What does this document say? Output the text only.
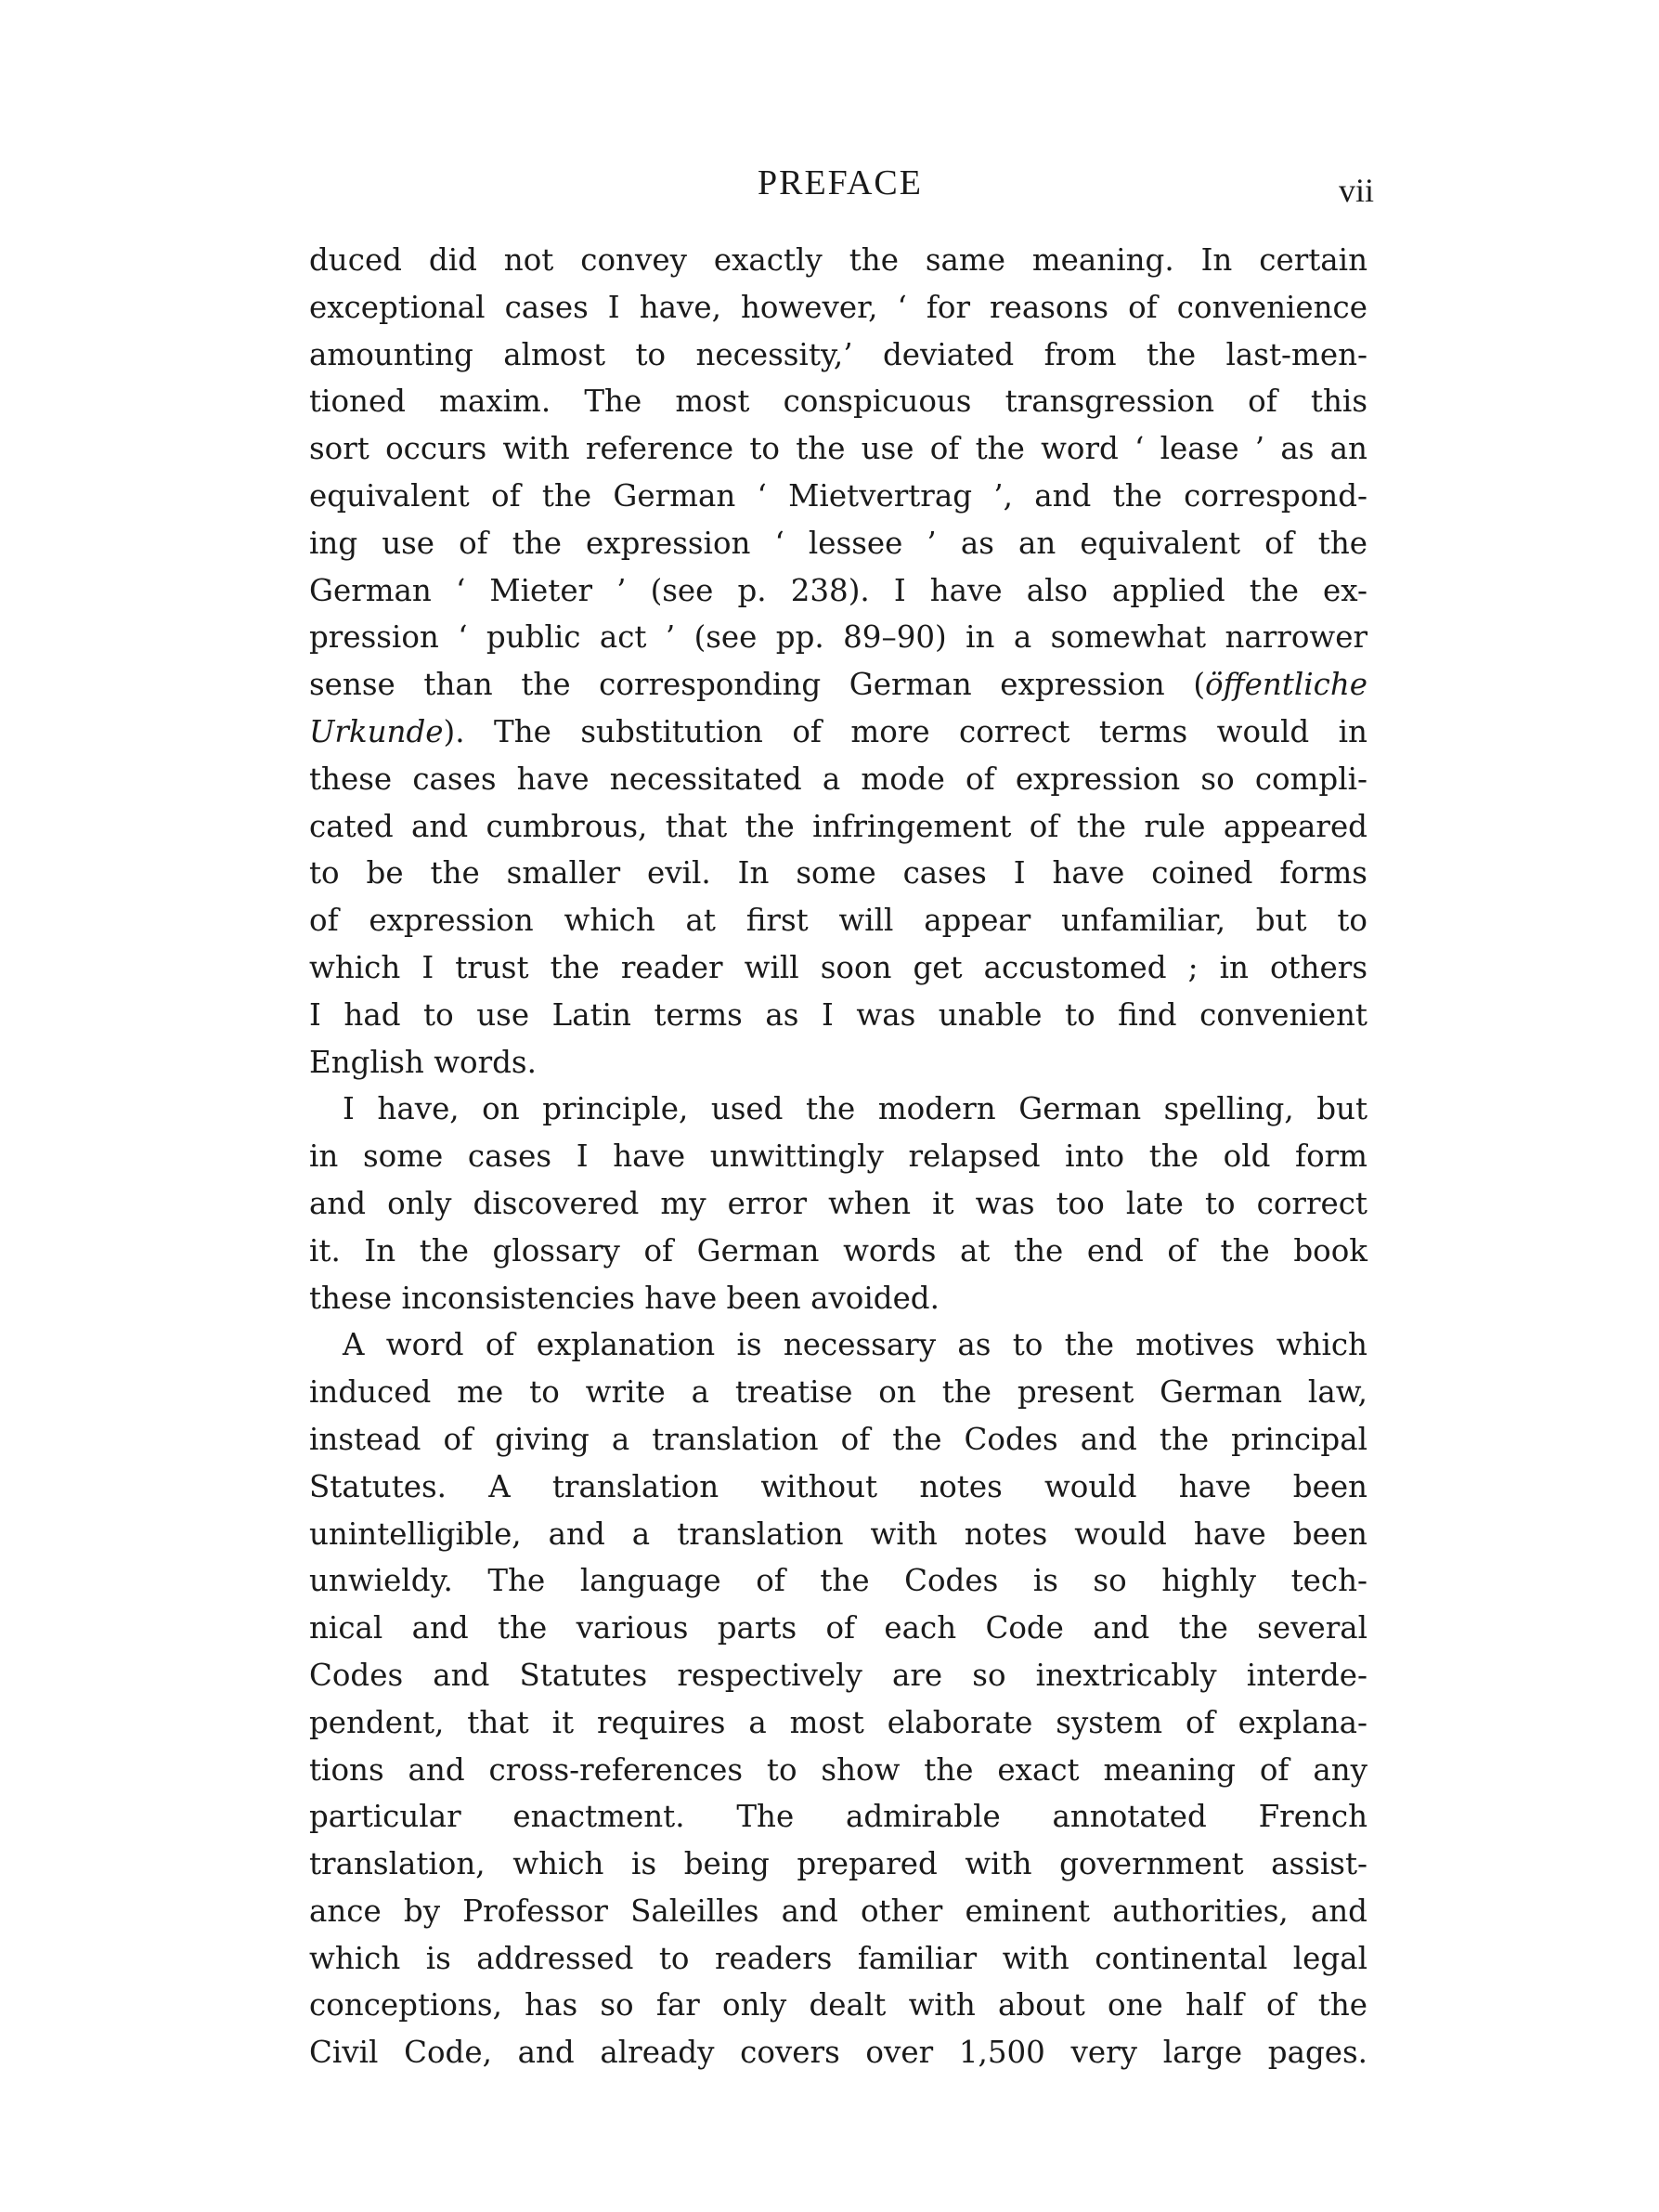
PREFACE	vii

duced did not convey exactly the same meaning. In certain
exceptional cases I have, however, ‘ for reasons of convenience
amounting almost to necessity,’ deviated from the last-men-
tioned maxim. The most conspicuous transgression of this
sort occurs with reference to the use of the word ‘ lease ’ as an
equivalent of the German ‘ Mietvertrag ’, and the correspond-
ing use of the expression ‘ lessee ’ as an equivalent of the
German ‘ Mieter ’ (see p. 238). I have also applied the ex-
pression ‘ public act ’ (see pp. 89–90) in a somewhat narrower
sense than the corresponding German expression (öffentliche
Urkunde). The substitution of more correct terms would in
these cases have necessitated a mode of expression so compli-
cated and cumbrous, that the infringement of the rule appeared
to be the smaller evil. In some cases I have coined forms
of expression which at first will appear unfamiliar, but to
which I trust the reader will soon get accustomed ; in others
I had to use Latin terms as I was unable to find convenient
English words.

I have, on principle, used the modern German spelling, but
in some cases I have unwittingly relapsed into the old form
and only discovered my error when it was too late to correct
it. In the glossary of German words at the end of the book
these inconsistencies have been avoided.

A word of explanation is necessary as to the motives which
induced me to write a treatise on the present German law,
instead of giving a translation of the Codes and the principal
Statutes. A translation without notes would have been
unintelligible, and a translation with notes would have been
unwieldy. The language of the Codes is so highly tech-
nical and the various parts of each Code and the several
Codes and Statutes respectively are so inextricably interde-
pendent, that it requires a most elaborate system of explana-
tions and cross-references to show the exact meaning of any
particular enactment. The admirable annotated French
translation, which is being prepared with government assist-
ance by Professor Saleilles and other eminent authorities, and
which is addressed to readers familiar with continental legal
conceptions, has so far only dealt with about one half of the
Civil Code, and already covers over 1,500 very large pages.
